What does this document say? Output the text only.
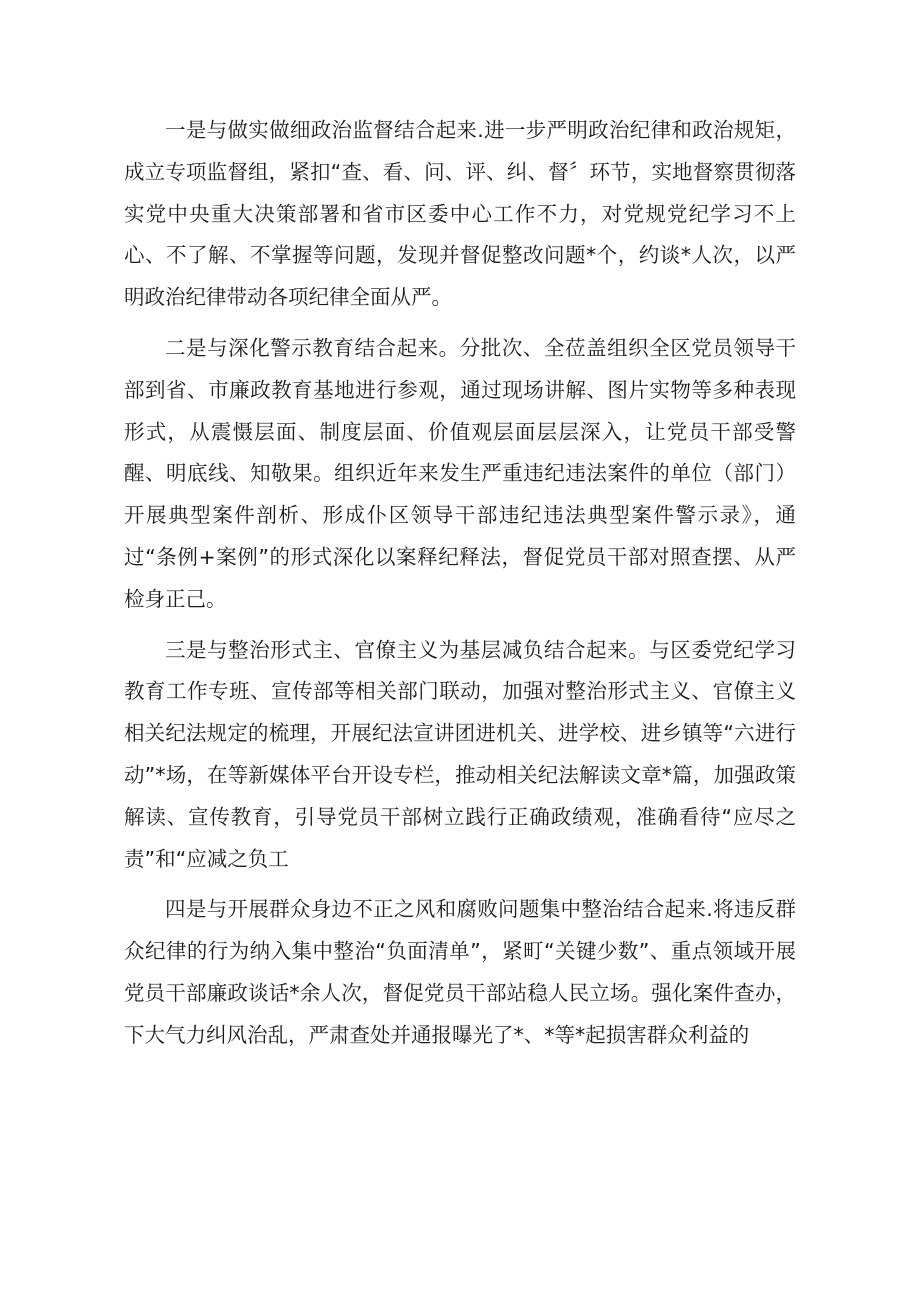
一是与做实做细政治监督结合起来.进一步严明政治纪律和政治规矩，成立专项监督组，紧扣“查、看、问、评、纠、督〞环节，实地督察贯彻落实党中央重大决策部署和省市区委中心工作不力，对党规党纪学习不上心、不了解、不掌握等问题，发现并督促整改问题*个，约谈*人次，以严明政治纪律带动各项纪律全面从严。

二是与深化警示教育结合起来。分批次、全莅盖组织全区党员领导干部到省、市廉政教育基地进行参观，通过现场讲解、图片实物等多种表现形式，从震慑层面、制度层面、价值观层面层层深入，让党员干部受警醒、明底线、知敬果。组织近年来发生严重违纪违法案件的单位（部门）开展典型案件剖析、形成仆区领导干部违纪违法典型案件警示录》，通过“条例+案例”的形式深化以案释纪释法，督促党员干部对照查摆、从严检身正己。

三是与整治形式主、官僚主义为基层减负结合起来。与区委党纪学习教育工作专班、宣传部等相关部门联动，加强对整治形式主义、官僚主义相关纪法规定的梳理，开展纪法宣讲团进机关、进学校、进乡镇等“六进行动”*场，在等新媒体平台开设专栏，推动相关纪法解读文章*篇，加强政策解读、宣传教育，引导党员干部树立践行正确政绩观，准确看待“应尽之责”和“应减之负工

四是与开展群众身边不正之风和腐败问题集中整治结合起来.将违反群众纪律的行为纳入集中整治“负面清单”，紧町“关键少数”、重点领域开展党员干部廉政谈话*余人次，督促党员干部站稳人民立场。强化案件查办，下大气力纠风治乱，严肃查处并通报曝光了*、*等*起损害群众利益的
